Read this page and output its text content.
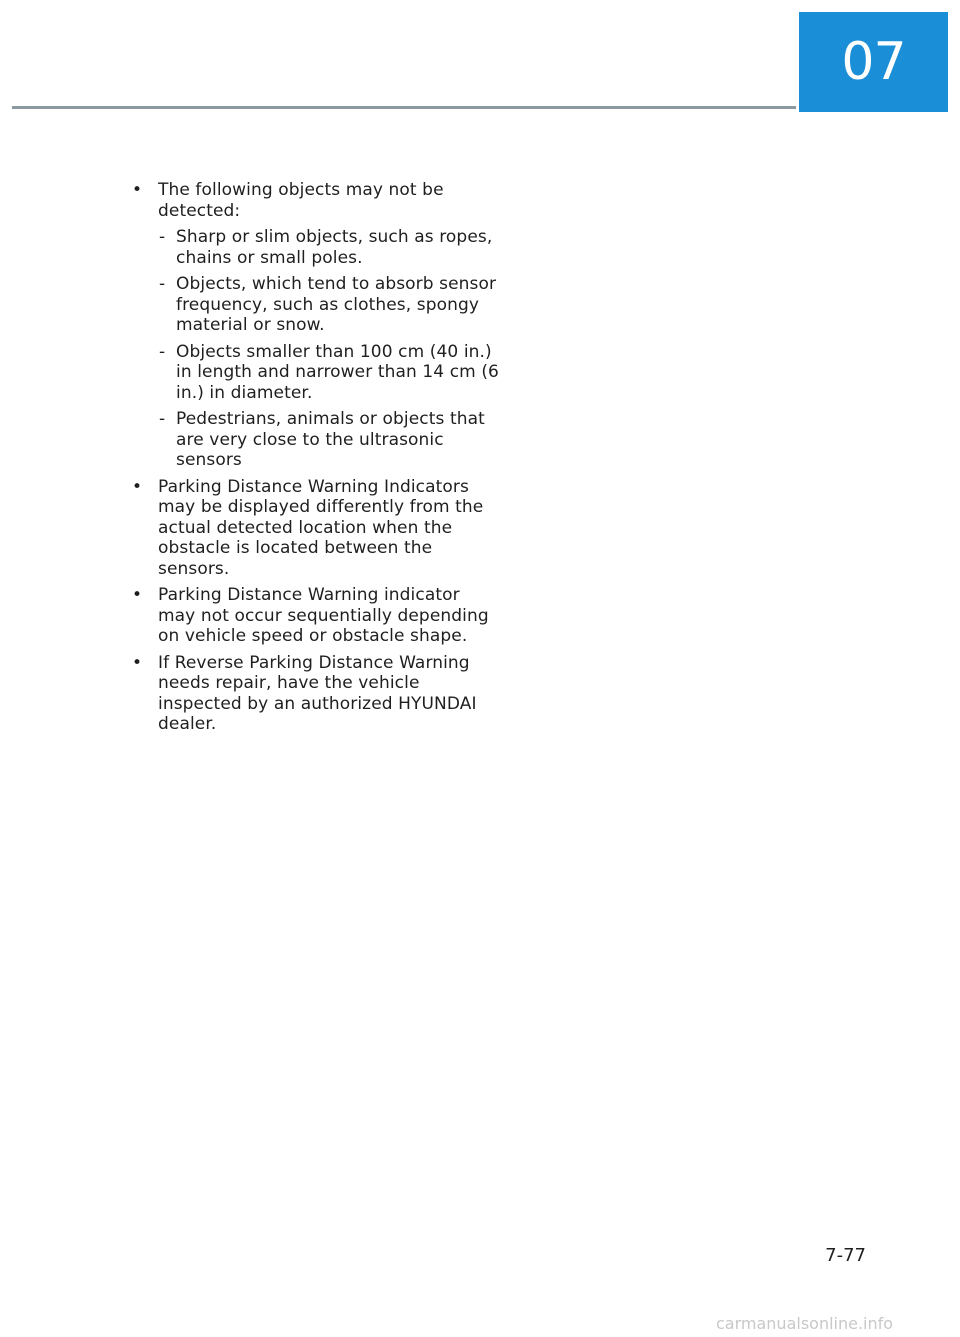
07
• The following objects may not be detected:
- Sharp or slim objects, such as ropes, chains or small poles.
- Objects, which tend to absorb sensor frequency, such as clothes, spongy material or snow.
- Objects smaller than 100 cm (40 in.) in length and narrower than 14 cm (6 in.) in diameter.
- Pedestrians, animals or objects that are very close to the ultrasonic sensors
• Parking Distance Warning Indicators may be displayed differently from the actual detected location when the obstacle is located between the sensors.
• Parking Distance Warning indicator may not occur sequentially depending on vehicle speed or obstacle shape.
• If Reverse Parking Distance Warning needs repair, have the vehicle inspected by an authorized HYUNDAI dealer.
7-77
carmanualsonline.info
